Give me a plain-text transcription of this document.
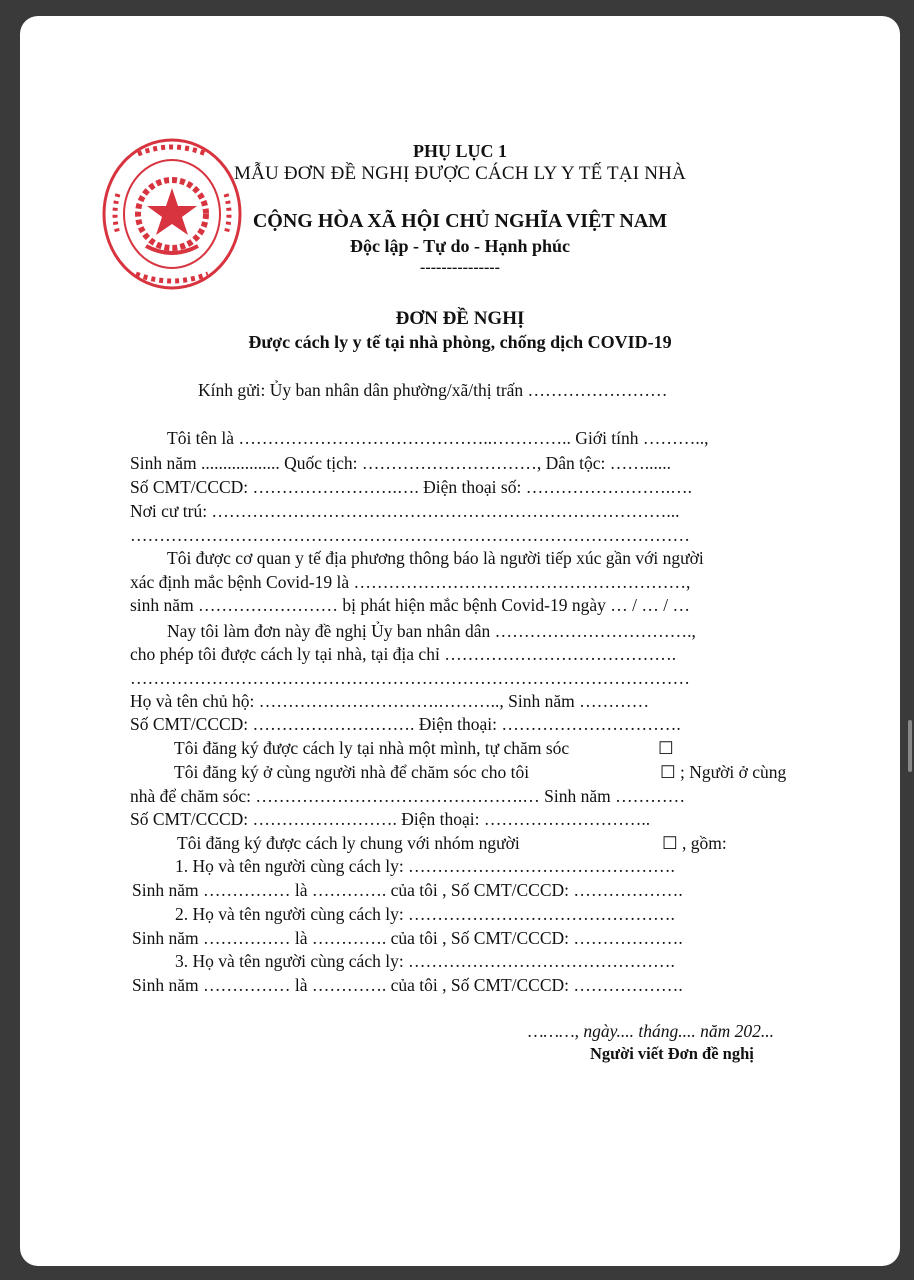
PHỤ LỤC 1
MẪU ĐƠN ĐỀ NGHỊ ĐƯỢC CÁCH LY Y TẾ TẠI NHÀ
CỘNG HÒA XÃ HỘI CHỦ NGHĨA VIỆT NAM
Độc lập - Tự do - Hạnh phúc
---------------
ĐƠN ĐỀ NGHỊ
Được cách ly y tế tại nhà phòng, chống dịch COVID-19
Kính gửi: Ủy ban nhân dân phường/xã/thị trấn ……………………
Tôi tên là ……………………………………..………….. Giới tính ………..,
Sinh năm .................. Quốc tịch: …………………………, Dân tộc: ……......
Số CMT/CCCD: …………………….…. Điện thoại số: …………………….….
Nơi cư trú: ……………………………………………………………………...
……………………………………………………………………………………
Tôi được cơ quan y tế địa phương thông báo là người tiếp xúc gần với người
xác định mắc bệnh Covid-19 là …………………………………………………,
sinh năm …………………… bị phát hiện mắc bệnh Covid-19 ngày … / … / …
Nay tôi làm đơn này đề nghị Ủy ban nhân dân …………………………….,
cho phép tôi được cách ly tại nhà, tại địa chỉ ………………………………….
……………………………………………………………………………………
Họ và tên chủ hộ: ………………………….……….., Sinh năm …………
Số CMT/CCCD: ………………………. Điện thoại: ………………………….
Tôi đăng ký được cách ly tại nhà một mình, tự chăm sóc	☐
Tôi đăng ký ở cùng người nhà để chăm sóc cho tôi	☐ ; Người ở cùng
nhà để chăm sóc: ……………………………………….… Sinh năm …………
Số CMT/CCCD: ……………………. Điện thoại: ………………………..
Tôi đăng ký được cách ly chung với nhóm người	☐ , gồm:
1. Họ và tên người cùng cách ly: ……………………………………….
Sinh năm …………… là …………. của tôi , Số CMT/CCCD: ……………….
2. Họ và tên người cùng cách ly: ……………………………………….
Sinh năm …………… là …………. của tôi , Số CMT/CCCD: ……………….
3. Họ và tên người cùng cách ly: ……………………………………….
Sinh năm …………… là …………. của tôi , Số CMT/CCCD: ……………….
………, ngày.... tháng.... năm 202...
Người viết Đơn đề nghị
